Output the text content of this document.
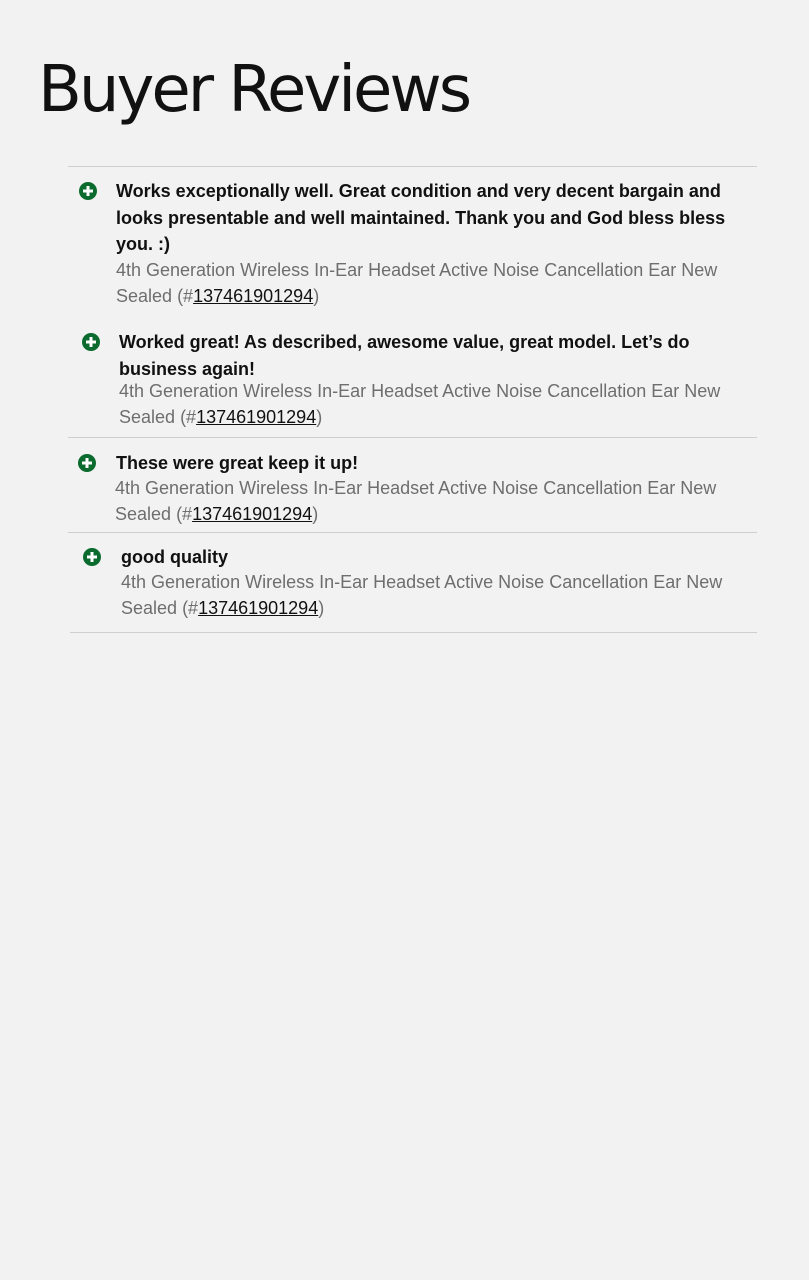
Buyer Reviews

Works exceptionally well. Great condition and very decent bargain and looks presentable and well maintained. Thank you and God bless bless you. :)

4th Generation Wireless In-Ear Headset Active Noise Cancellation Ear New Sealed (#137461901294)

Worked great! As described, awesome value, great model. Let’s do business again!

4th Generation Wireless In-Ear Headset Active Noise Cancellation Ear New Sealed (#137461901294)

These were great keep it up!

4th Generation Wireless In-Ear Headset Active Noise Cancellation Ear New Sealed (#137461901294)

good quality

4th Generation Wireless In-Ear Headset Active Noise Cancellation Ear New Sealed (#137461901294)
